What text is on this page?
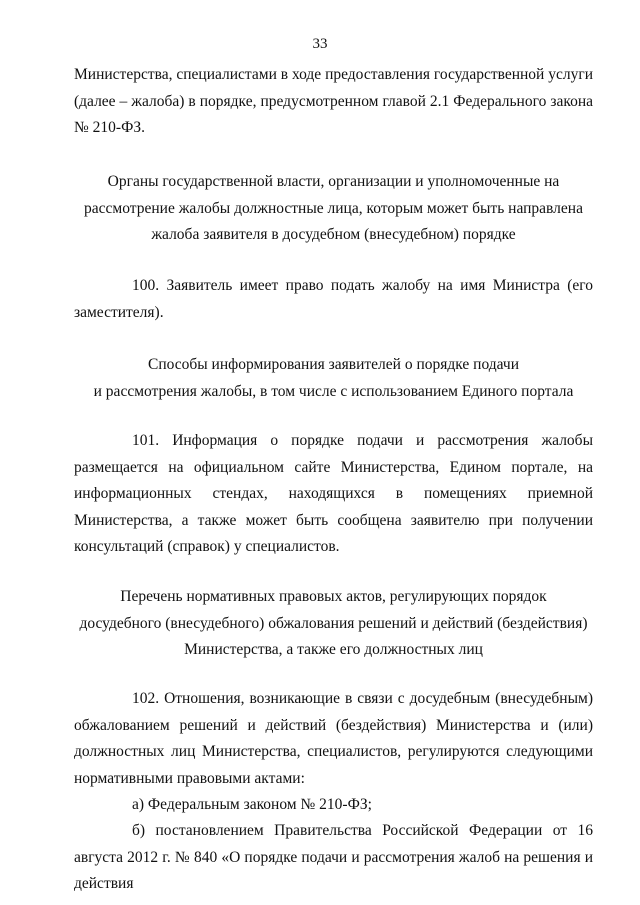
33

Министерства, специалистами в ходе предоставления государственной услуги (далее – жалоба) в порядке, предусмотренном главой 2.1 Федерального закона № 210-ФЗ.

Органы государственной власти, организации и уполномоченные на

рассмотрение жалобы должностные лица, которым может быть направлена

жалоба заявителя в досудебном (внесудебном) порядке

100. Заявитель имеет право подать жалобу на имя Министра (его заместителя).

Способы информирования заявителей о порядке подачи

и рассмотрения жалобы, в том числе с использованием Единого портала

101. Информация о порядке подачи и рассмотрения жалобы размещается на официальном сайте Министерства, Едином портале, на информационных стендах, находящихся в помещениях приемной Министерства, а также может быть сообщена заявителю при получении консультаций (справок) у специалистов.

Перечень нормативных правовых актов, регулирующих порядок

досудебного (внесудебного) обжалования решений и действий (бездействия)

Министерства, а также его должностных лиц

102. Отношения, возникающие в связи с досудебным (внесудебным) обжалованием решений и действий (бездействия) Министерства и (или) должностных лиц Министерства, специалистов, регулируются следующими нормативными правовыми актами:

а) Федеральным законом № 210-ФЗ;

б) постановлением Правительства Российской Федерации от 16 августа 2012 г. № 840 «О порядке подачи и рассмотрения жалоб на решения и действия
